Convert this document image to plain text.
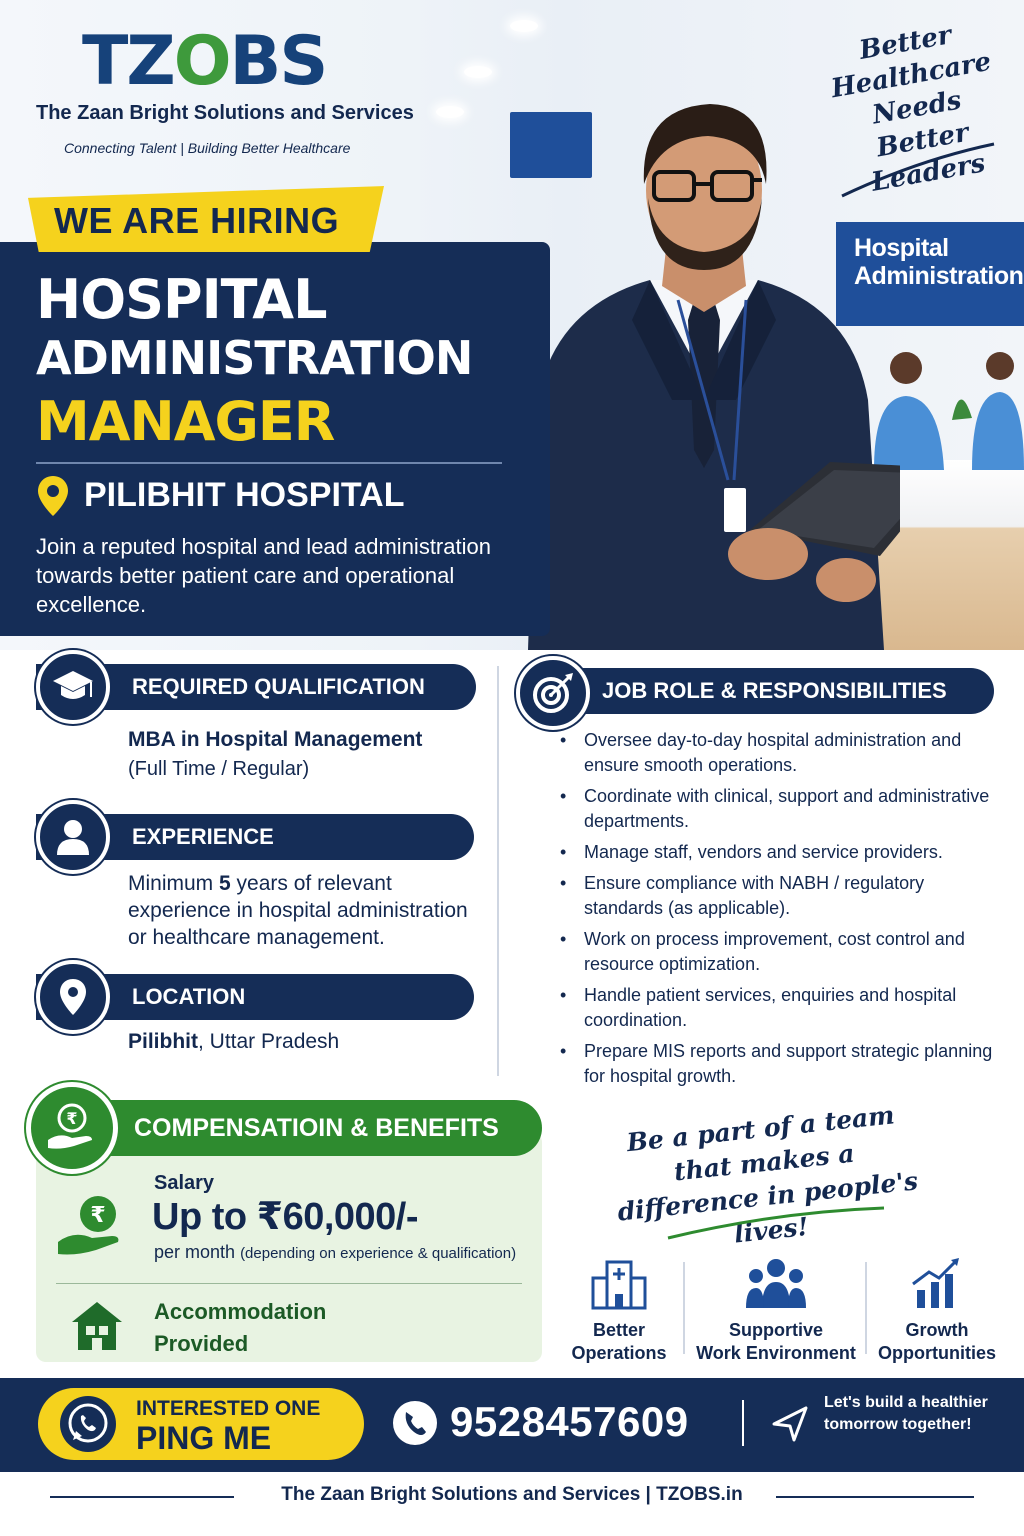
Hospital
Administration
Better Healthcare Needs Better Leaders
TZOBS
The Zaan Bright Solutions and Services
Connecting Talent | Building Better Healthcare
WE ARE HIRING
HOSPITAL
ADMINISTRATION
MANAGER
PILIBHIT HOSPITAL
Join a reputed hospital and lead administration towards better patient care and operational excellence.
REQUIRED QUALIFICATION
MBA in Hospital Management
(Full Time / Regular)
EXPERIENCE
Minimum 5 years of relevant experience in hospital administration or healthcare management.
LOCATION
Pilibhit, Uttar Pradesh
JOB ROLE & RESPONSIBILITIES
• Oversee day-to-day hospital administration and ensure smooth operations.
• Coordinate with clinical, support and administrative departments.
• Manage staff, vendors and service providers.
• Ensure compliance with NABH / regulatory standards (as applicable).
• Work on process improvement, cost control and resource optimization.
• Handle patient services, enquiries and hospital coordination.
• Prepare MIS reports and support strategic planning for hospital growth.
COMPENSATIOIN & BENEFITS
₹
₹
Salary
Up to ₹60,000/-
per month (depending on experience & qualification)
Accommodation
Provided
Be a part of a team that makes a difference in people's lives!
Better
Operations
Supportive
Work Environment
Growth
Opportunities
INTERESTED ONE
PING ME	9528457609	Let's build a healthier tomorrow together!
The Zaan Bright Solutions and Services | TZOBS.in
